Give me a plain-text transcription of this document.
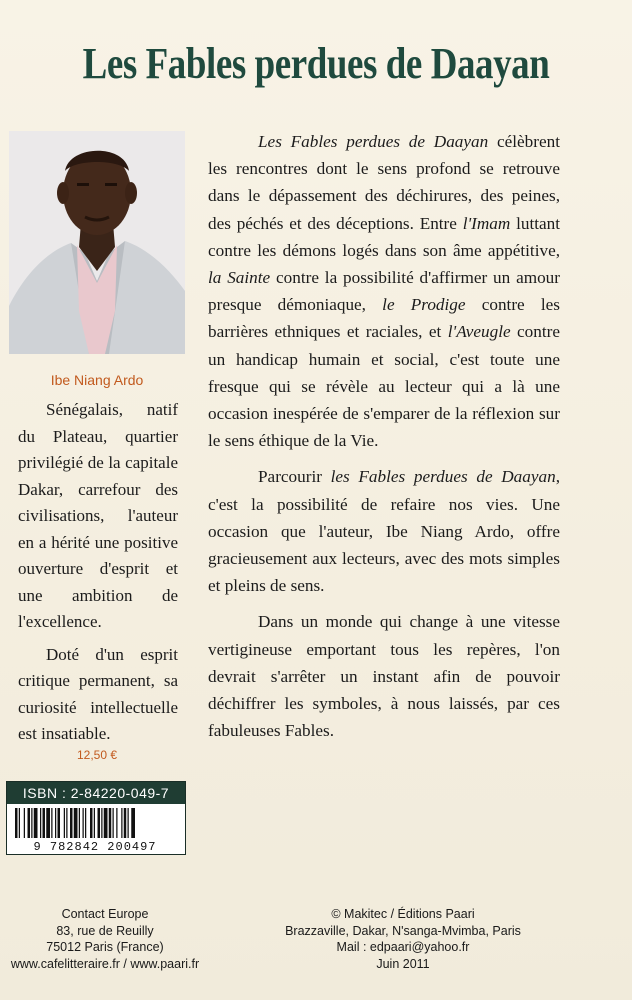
Les Fables perdues de Daayan
Ibe Niang Ardo

Sénégalais, natif du Plateau, quartier privilégié de la capitale Dakar, carrefour des civilisations, l'auteur en a hérité une positive ouverture d'esprit et une ambition de l'excellence.

Doté d'un esprit critique permanent, sa curiosité intellectuelle est insatiable.

12,50 €
ISBN : 2-84220-049-7
9 782842 200497

Les Fables perdues de Daayan célèbrent les rencontres dont le sens profond se retrouve dans le dépassement des déchirures, des peines, des péchés et des déceptions. Entre l'Imam luttant contre les démons logés dans son âme appétitive, la Sainte contre la possibilité d'affirmer un amour presque démoniaque, le Prodige contre les barrières ethniques et raciales, et l'Aveugle contre un handicap humain et social, c'est toute une fresque qui se révèle au lecteur qui a là une occasion inespérée de s'emparer de la réflexion sur le sens éthique de la Vie.

Parcourir les Fables perdues de Daayan, c'est la possibilité de refaire nos vies. Une occasion que l'auteur, Ibe Niang Ardo, offre gracieusement aux lecteurs, avec des mots simples et pleins de sens.

Dans un monde qui change à une vitesse vertigineuse emportant tous les repères, l'on devrait s'arrêter un instant afin de pouvoir déchiffrer les symboles, à nous laissés, par ces fabuleuses Fables.

Contact Europe
83, rue de Reuilly
75012 Paris (France)
www.cafelitteraire.fr / www.paari.fr
© Makitec / Éditions Paari
Brazzaville, Dakar, N'sanga-Mvimba, Paris
Mail : edpaari@yahoo.fr
Juin 2011
